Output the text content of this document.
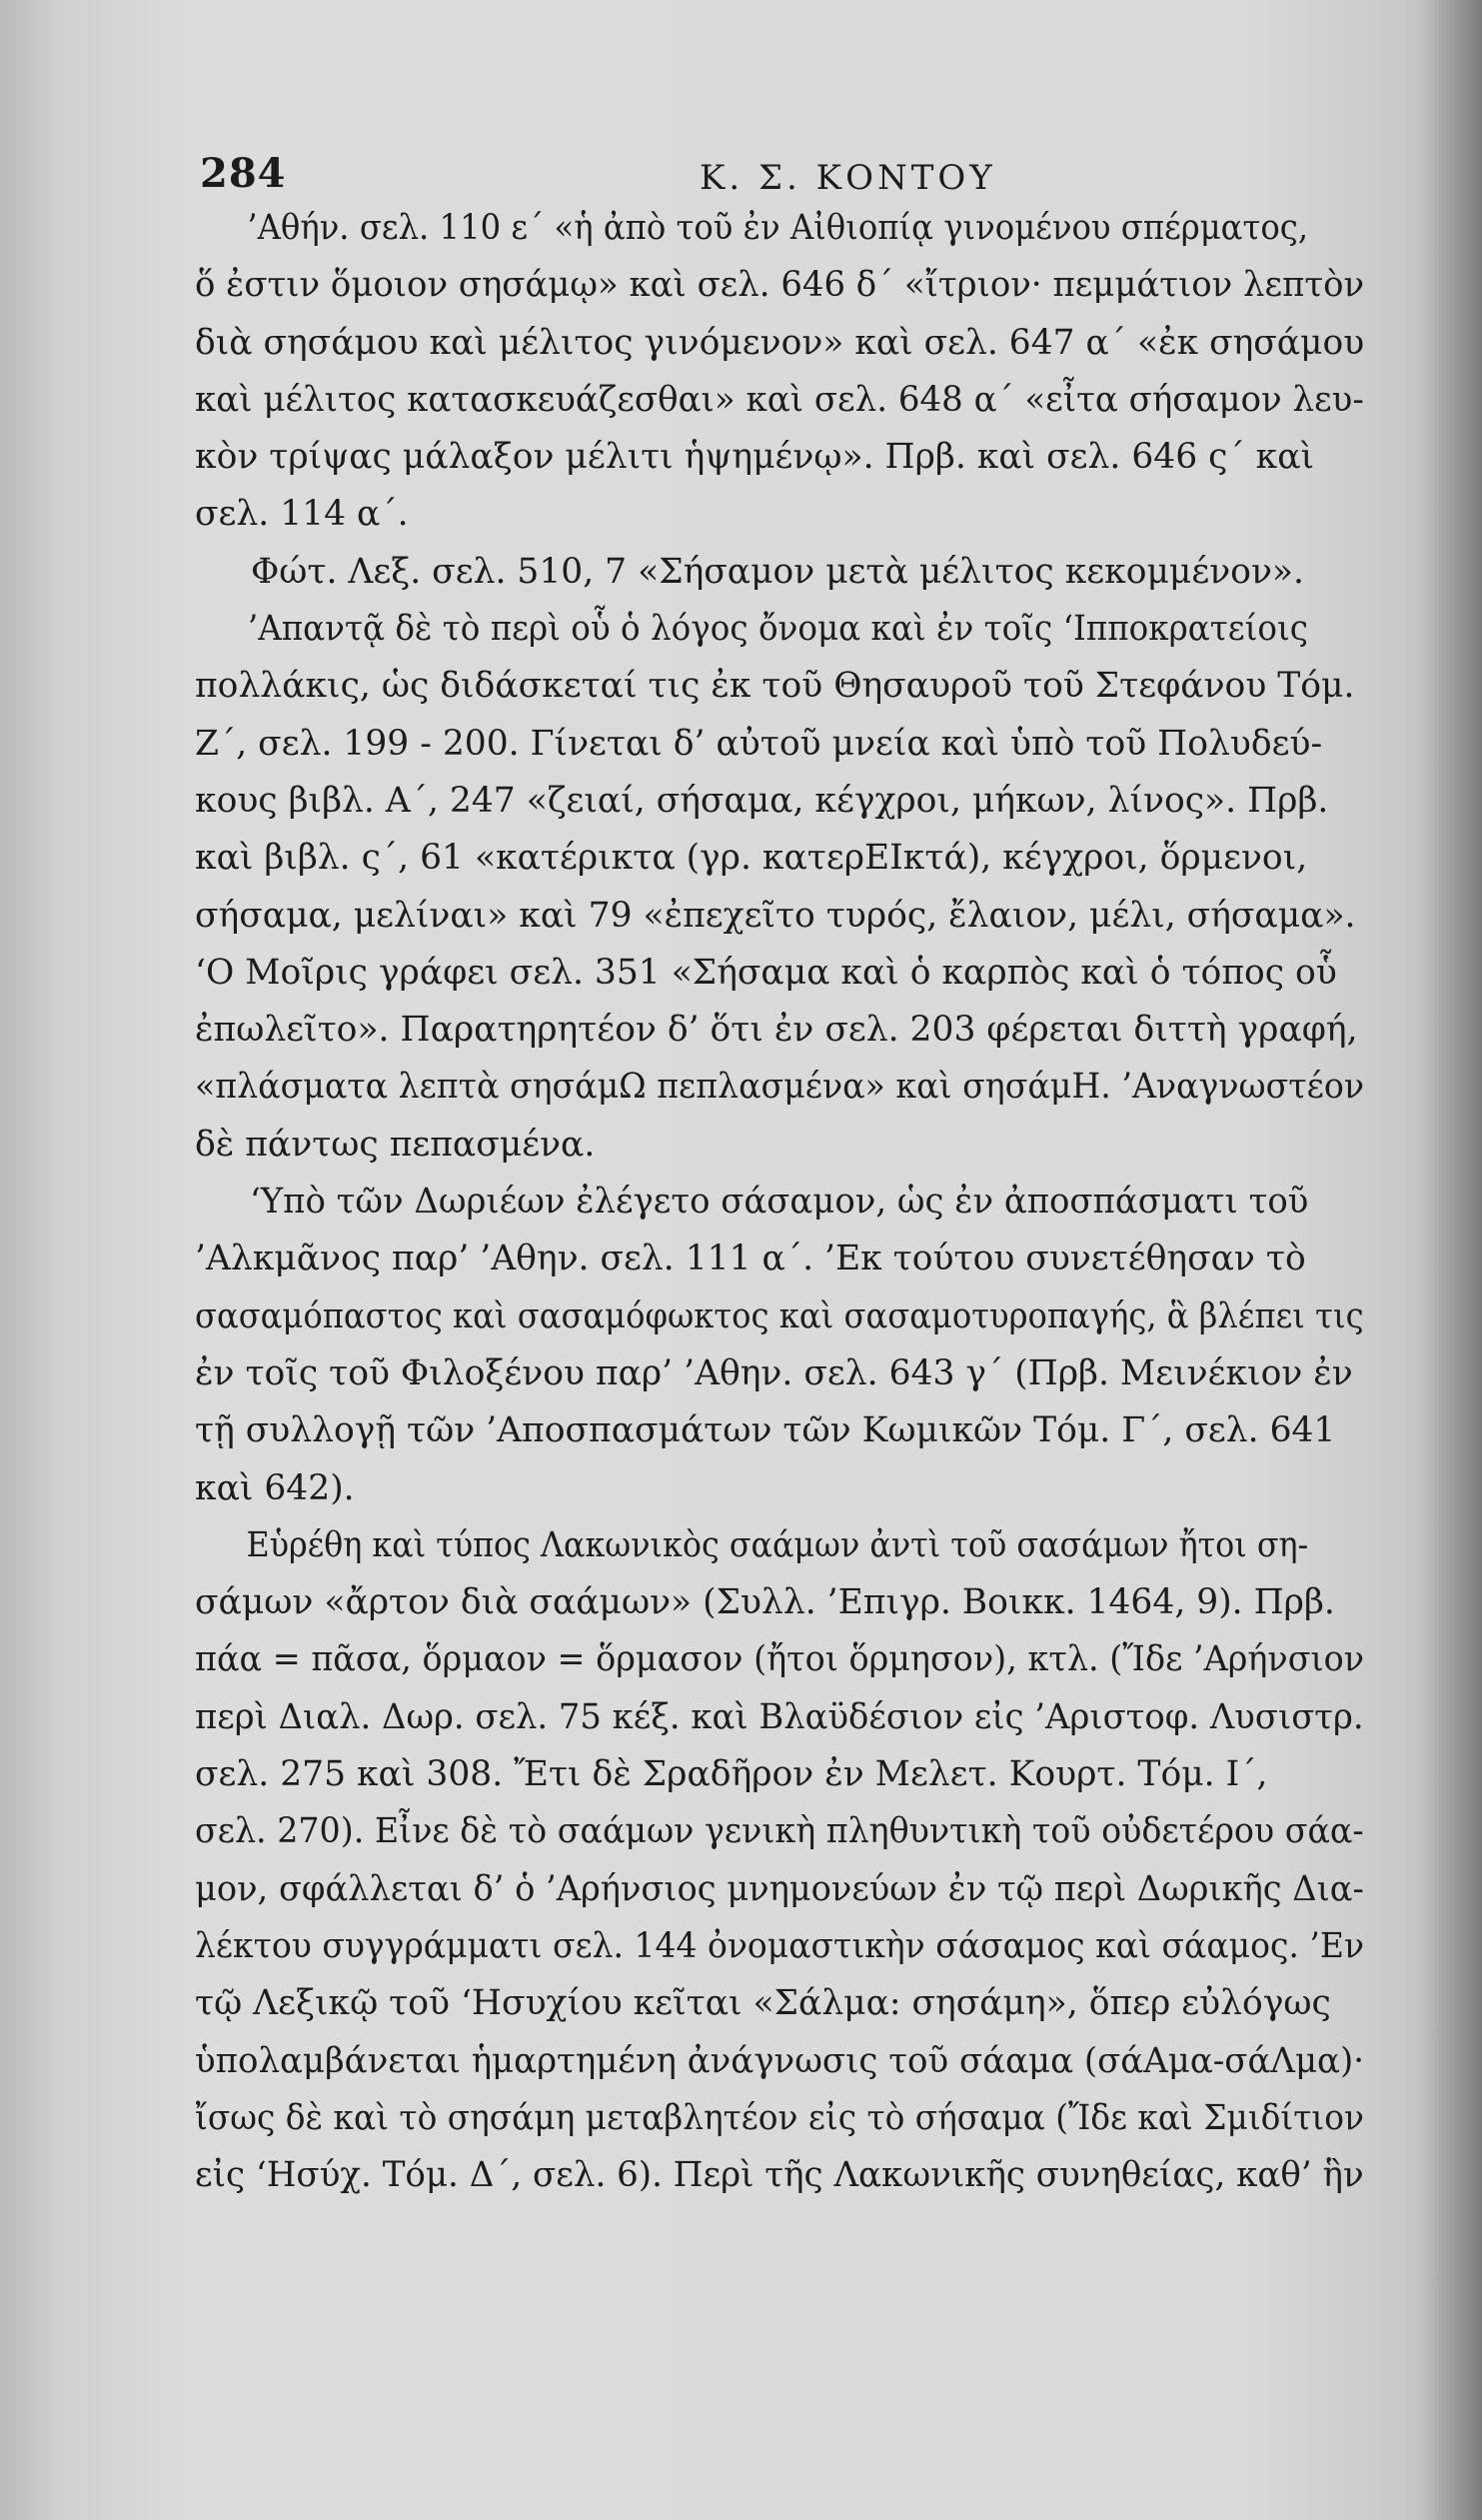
284	Κ. Σ. ΚΟΝΤΟΥ
’Αθήν. σελ. 110 ε΄ «ἡ ἀπὸ τοῦ ἐν Αἰθιοπίᾳ γινομένου σπέρματος,
ὅ ἐστιν ὅμοιον σησάμῳ» καὶ σελ. 646 δ΄ «ἴτριον· πεμμάτιον λεπτὸν
διὰ σησάμου καὶ μέλιτος γινόμενον» καὶ σελ. 647 α΄ «ἐκ σησάμου
καὶ μέλιτος κατασκευάζεσθαι» καὶ σελ. 648 α΄ «εἶτα σήσαμον λευ-
κὸν τρίψας μάλαξον μέλιτι ἡψημένῳ». Πρβ. καὶ σελ. 646 ς΄ καὶ
σελ. 114 α΄.
Φώτ. Λεξ. σελ. 510, 7 «Σήσαμον μετὰ μέλιτος κεκομμένον».
’Απαντᾷ δὲ τὸ περὶ οὗ ὁ λόγος ὄνομα καὶ ἐν τοῖς ‘Ιπποκρατείοις
πολλάκις, ὡς διδάσκεταί τις ἐκ τοῦ Θησαυροῦ τοῦ Στεφάνου Τόμ.
Ζ΄, σελ. 199 - 200. Γίνεται δ’ αὐτοῦ μνεία καὶ ὑπὸ τοῦ Πολυδεύ-
κους βιβλ. Α΄, 247 «ζειαί, σήσαμα, κέγχροι, μήκων, λίνος». Πρβ.
καὶ βιβλ. ς΄, 61 «κατέρικτα (γρ. κατερΕΙκτά), κέγχροι, ὅρμενοι,
σήσαμα, μελίναι» καὶ 79 «ἐπεχεῖτο τυρός, ἔλαιον, μέλι, σήσαμα».
‘Ο Μοῖρις γράφει σελ. 351 «Σήσαμα καὶ ὁ καρπὸς καὶ ὁ τόπος οὗ
ἐπωλεῖτο». Παρατηρητέον δ’ ὅτι ἐν σελ. 203 φέρεται διττὴ γραφή,
«πλάσματα λεπτὰ σησάμΩ πεπλασμένα» καὶ σησάμΗ. ’Αναγνωστέον
δὲ πάντως πεπασμένα.
‘Υπὸ τῶν Δωριέων ἐλέγετο σάσαμον, ὡς ἐν ἀποσπάσματι τοῦ
’Αλκμᾶνος παρ’ ’Αθην. σελ. 111 α΄. ’Εκ τούτου συνετέθησαν τὸ
σασαμόπαστος καὶ σασαμόφωκτος καὶ σασαμοτυροπαγής, ἃ βλέπει τις
ἐν τοῖς τοῦ Φιλοξένου παρ’ ’Αθην. σελ. 643 γ΄ (Πρβ. Μεινέκιον ἐν
τῇ συλλογῇ τῶν ’Αποσπασμάτων τῶν Κωμικῶν Τόμ. Γ΄, σελ. 641
καὶ 642).
Εὑρέθη καὶ τύπος Λακωνικὸς σαάμων ἀντὶ τοῦ σασάμων ἤτοι ση-
σάμων «ἄρτον διὰ σαάμων» (Συλλ. ’Επιγρ. Βοικκ. 1464, 9). Πρβ.
πάα = πᾶσα, ὅρμαον = ὅρμασον (ἤτοι ὅρμησον), κτλ. (Ἴδε ’Αρήνσιον
περὶ Διαλ. Δωρ. σελ. 75 κέξ. καὶ Βλαϋδέσιον εἰς ’Αριστοφ. Λυσιστρ.
σελ. 275 καὶ 308. Ἔτι δὲ Σραδῆρον ἐν Μελετ. Κουρτ. Τόμ. Ι΄,
σελ. 270). Εἶνε δὲ τὸ σαάμων γενικὴ πληθυντικὴ τοῦ οὐδετέρου σάα-
μον, σφάλλεται δ’ ὁ ’Αρήνσιος μνημονεύων ἐν τῷ περὶ Δωρικῆς Δια-
λέκτου συγγράμματι σελ. 144 ὀνομαστικὴν σάσαμος καὶ σάαμος. ’Εν
τῷ Λεξικῷ τοῦ ‘Ησυχίου κεῖται «Σάλμα: σησάμη», ὅπερ εὐλόγως
ὑπολαμβάνεται ἡμαρτημένη ἀνάγνωσις τοῦ σάαμα (σάΑμα-σάΛμα)·
ἴσως δὲ καὶ τὸ σησάμη μεταβλητέον εἰς τὸ σήσαμα (Ἴδε καὶ Σμιδίτιον
εἰς ‘Ησύχ. Τόμ. Δ΄, σελ. 6). Περὶ τῆς Λακωνικῆς συνηθείας, καθ’ ἣν
